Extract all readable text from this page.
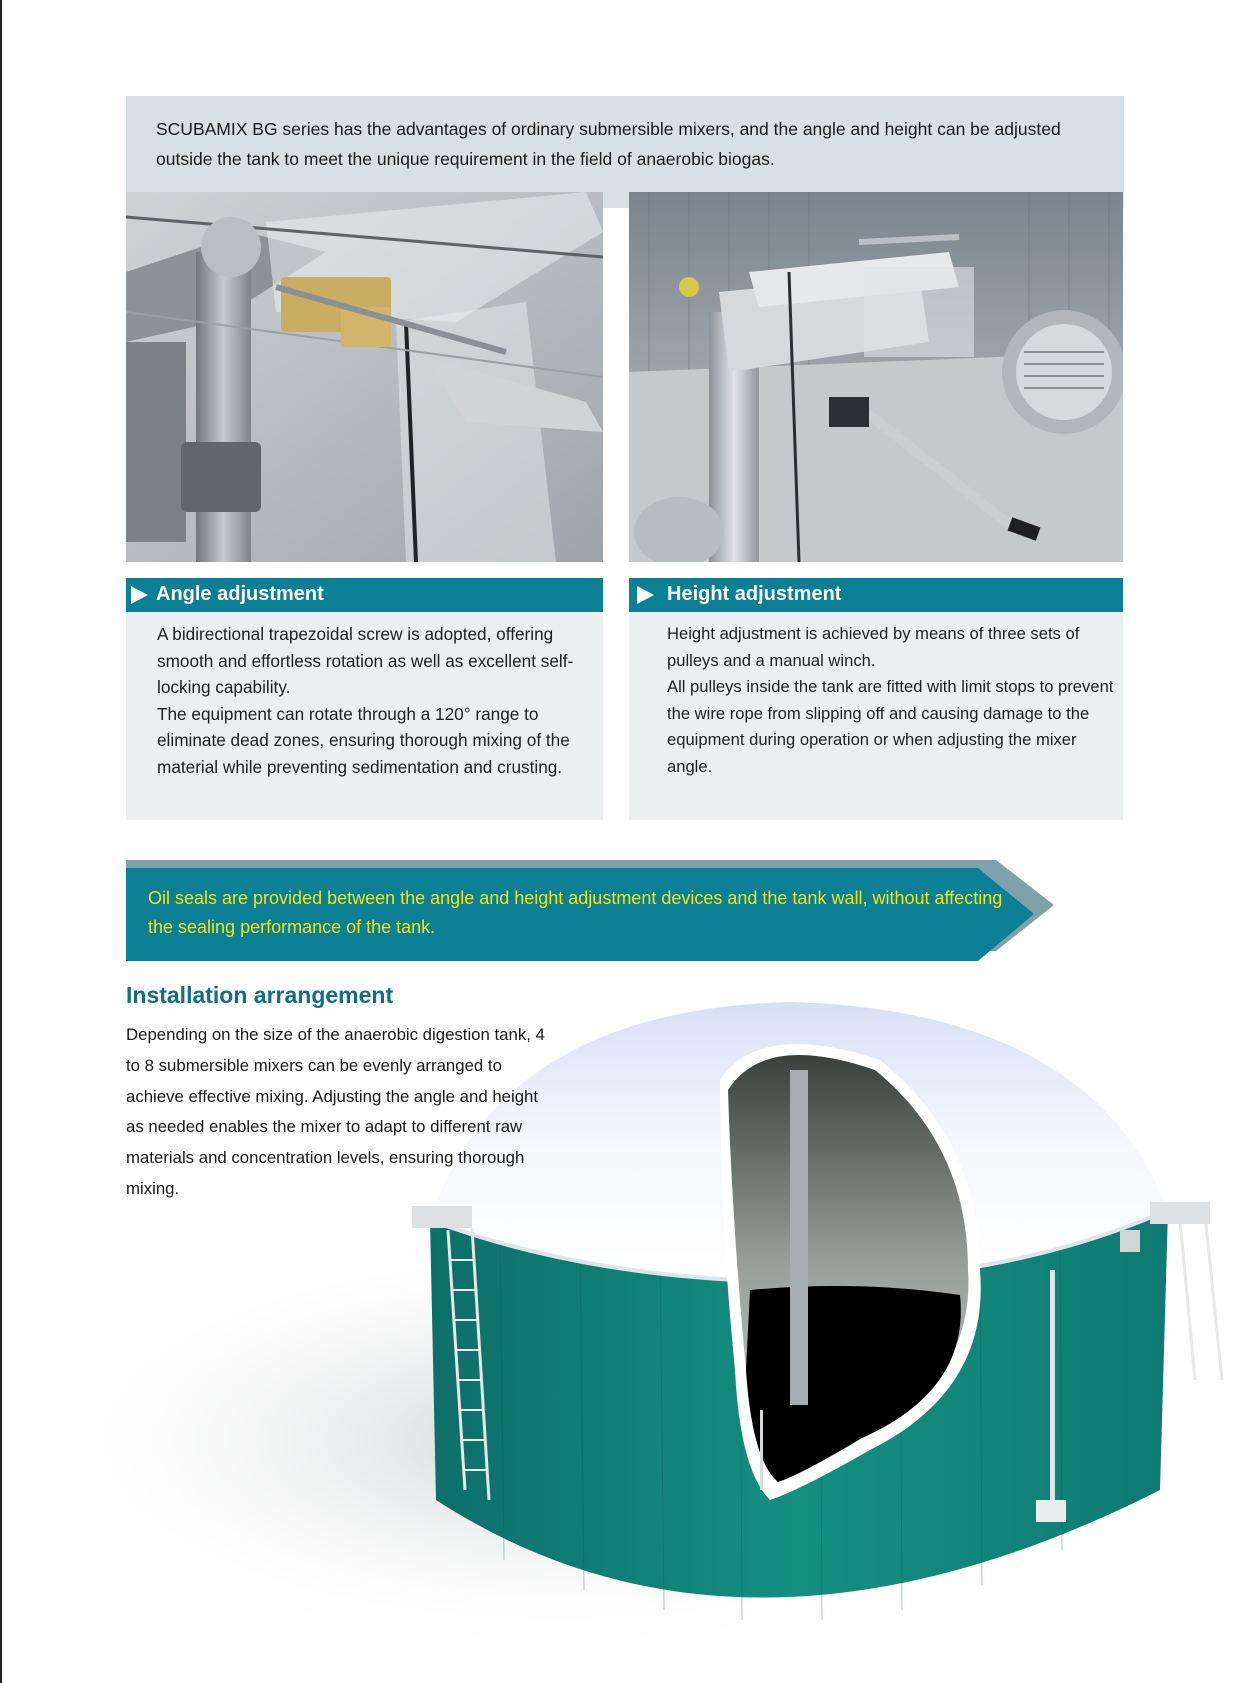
SCUBAMIX BG series has the advantages of ordinary submersible mixers, and the angle and height can be adjusted outside the tank to meet the unique requirement in the field of anaerobic biogas.

Angle adjustment

A bidirectional trapezoidal screw is adopted, offering smooth and effortless rotation as well as excellent self-locking capability.
The equipment can rotate through a 120° range to eliminate dead zones, ensuring thorough mixing of the material while preventing sedimentation and crusting.

Height adjustment

Height adjustment is achieved by means of three sets of pulleys and a manual winch.
All pulleys inside the tank are fitted with limit stops to prevent the wire rope from slipping off and causing damage to the equipment during operation or when adjusting the mixer angle.

Oil seals are provided between the angle and height adjustment devices and the tank wall, without affecting the sealing performance of the tank.

Installation arrangement

Depending on the size of the anaerobic digestion tank, 4 to 8 submersible mixers can be evenly arranged to achieve effective mixing. Adjusting the angle and height as needed enables the mixer to adapt to different raw materials and concentration levels, ensuring thorough mixing.
